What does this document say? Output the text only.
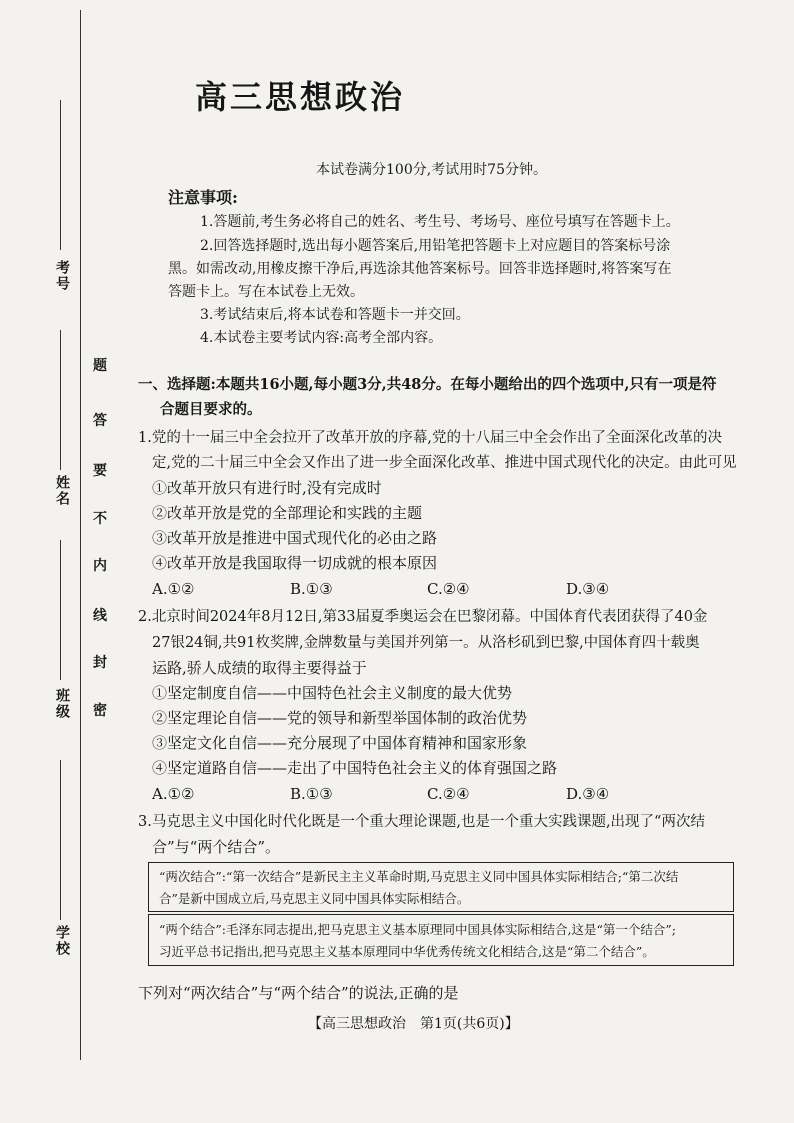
考号
姓名
班级
学校
题
答
要
不
内
线
封
密
高三思想政治
本试卷满分100分,考试用时75分钟。
注意事项:
1.答题前,考生务必将自己的姓名、考生号、考场号、座位号填写在答题卡上。
2.回答选择题时,选出每小题答案后,用铅笔把答题卡上对应题目的答案标号涂
黑。如需改动,用橡皮擦干净后,再选涂其他答案标号。回答非选择题时,将答案写在
答题卡上。写在本试卷上无效。
3.考试结束后,将本试卷和答题卡一并交回。
4.本试卷主要考试内容:高考全部内容。
一、选择题:本题共16小题,每小题3分,共48分。在每小题给出的四个选项中,只有一项是符
合题目要求的。
1.党的十一届三中全会拉开了改革开放的序幕,党的十八届三中全会作出了全面深化改革的决
定,党的二十届三中全会又作出了进一步全面深化改革、推进中国式现代化的决定。由此可见
①改革开放只有进行时,没有完成时
②改革开放是党的全部理论和实践的主题
③改革开放是推进中国式现代化的必由之路
④改革开放是我国取得一切成就的根本原因
A.①②	B.①③	C.②④	D.③④
2.北京时间2024年8月12日,第33届夏季奥运会在巴黎闭幕。中国体育代表团获得了40金
27银24铜,共91枚奖牌,金牌数量与美国并列第一。从洛杉矶到巴黎,中国体育四十载奥
运路,骄人成绩的取得主要得益于
①坚定制度自信——中国特色社会主义制度的最大优势
②坚定理论自信——党的领导和新型举国体制的政治优势
③坚定文化自信——充分展现了中国体育精神和国家形象
④坚定道路自信——走出了中国特色社会主义的体育强国之路
A.①②	B.①③	C.②④	D.③④
3.马克思主义中国化时代化既是一个重大理论课题,也是一个重大实践课题,出现了“两次结
合”与“两个结合”。
“两次结合”:“第一次结合”是新民主主义革命时期,马克思主义同中国具体实际相结合;“第二次结
合”是新中国成立后,马克思主义同中国具体实际相结合。
“两个结合”:毛泽东同志提出,把马克思主义基本原理同中国具体实际相结合,这是“第一个结合”;
习近平总书记指出,把马克思主义基本原理同中华优秀传统文化相结合,这是“第二个结合”。
下列对“两次结合”与“两个结合”的说法,正确的是
【高三思想政治　第1页(共6页)】
